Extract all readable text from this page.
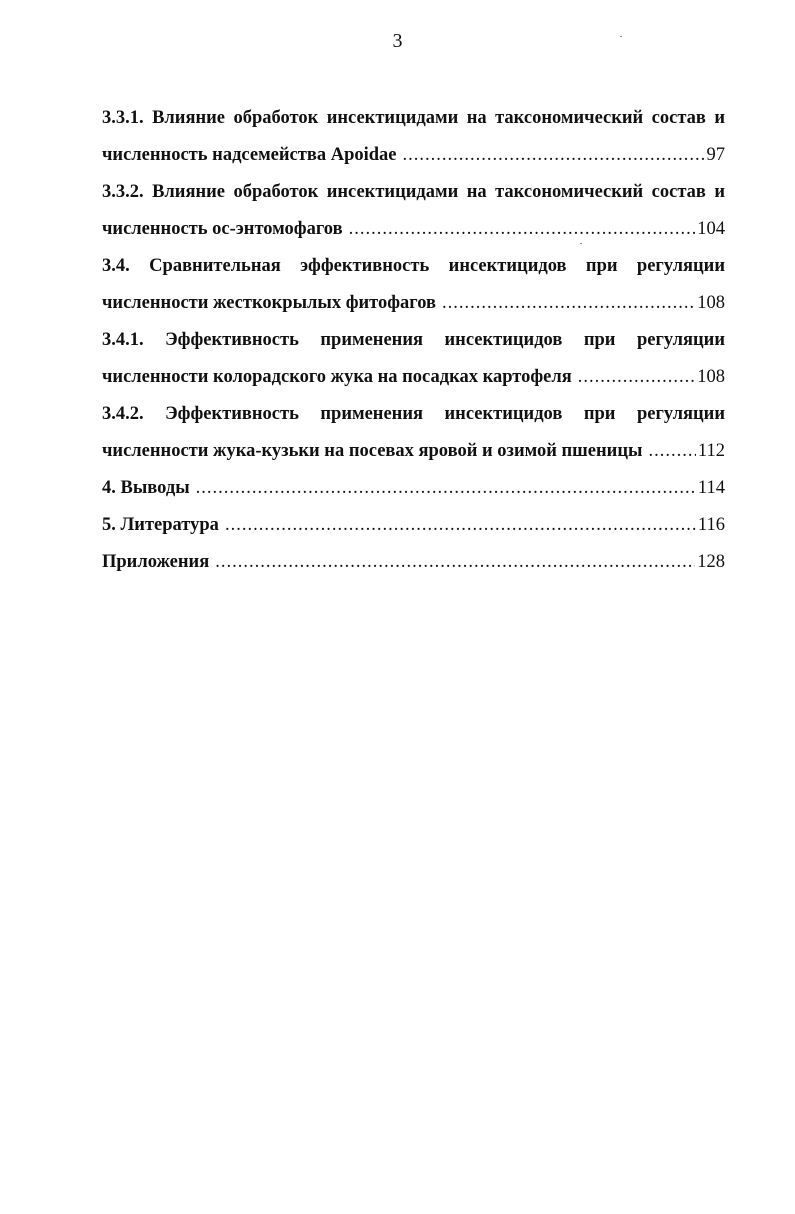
3
3.3.1. Влияние обработок инсектицидами на таксономический состав и
численность надсемейства Apoidae .....	97
3.3.2. Влияние обработок инсектицидами на таксономический состав и
численность ос-энтомофагов .....	104
3.4. Сравнительная эффективность инсектицидов при регуляции
численности жесткокрылых фитофагов .....	108
3.4.1. Эффективность применения инсектицидов при регуляции
численности колорадского жука на посадках картофеля .....	108
3.4.2. Эффективность применения инсектицидов при регуляции
численности жука-кузьки на посевах яровой и озимой пшеницы .....	112
4. Выводы .....	114
5. Литература .....	116
Приложения .....	128
